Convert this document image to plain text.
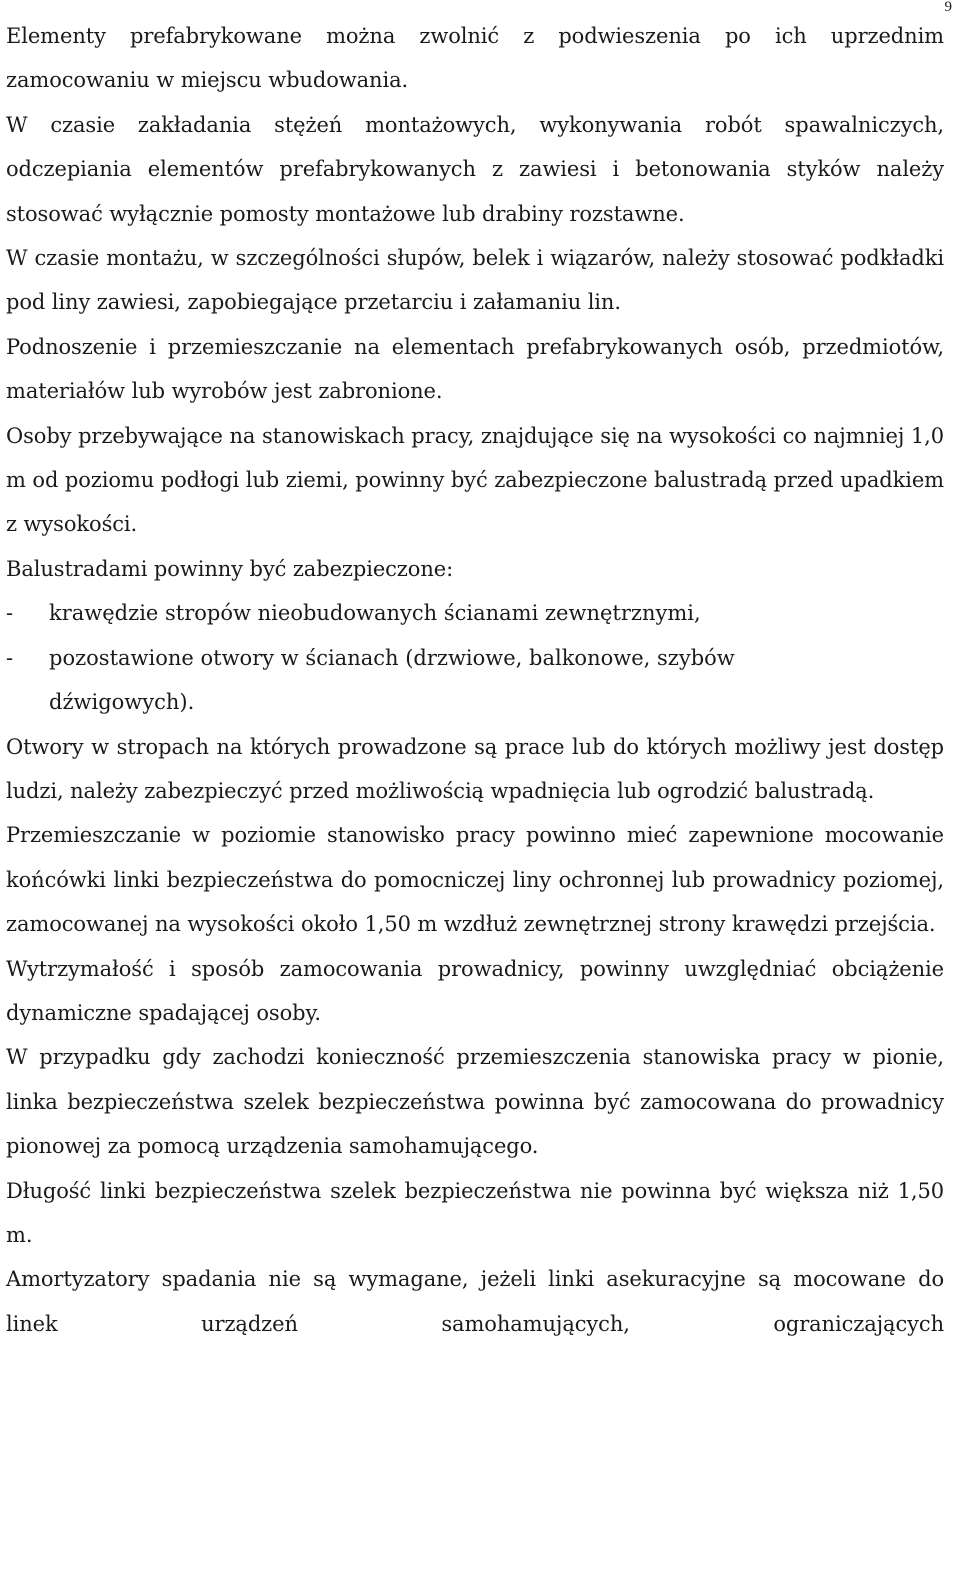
9

Elementy prefabrykowane można zwolnić z podwieszenia po ich uprzednim zamocowaniu w miejscu wbudowania.

W czasie zakładania stężeń montażowych, wykonywania robót spawalniczych, odczepiania elementów prefabrykowanych z zawiesi i betonowania styków należy stosować wyłącznie pomosty montażowe lub drabiny rozstawne.

W czasie montażu, w szczególności słupów, belek i wiązarów, należy stosować podkładki pod liny zawiesi, zapobiegające przetarciu i załamaniu lin.

Podnoszenie i przemieszczanie na elementach prefabrykowanych osób, przedmiotów, materiałów lub wyrobów jest zabronione.

Osoby przebywające na stanowiskach pracy, znajdujące się na wysokości co najmniej 1,0 m od poziomu podłogi lub ziemi, powinny być zabezpieczone balustradą przed upadkiem z wysokości.

Balustradami powinny być zabezpieczone:

-	krawędzie stropów nieobudowanych ścianami zewnętrznymi,
-	pozostawione otwory w ścianach (drzwiowe, balkonowe, szybów dźwigowych).

Otwory w stropach na których prowadzone są prace lub do których możliwy jest dostęp ludzi, należy zabezpieczyć przed możliwością wpadnięcia lub ogrodzić balustradą.

Przemieszczanie w poziomie stanowisko pracy powinno mieć zapewnione mocowanie końcówki linki bezpieczeństwa do pomocniczej liny ochronnej lub prowadnicy poziomej, zamocowanej na wysokości około 1,50 m wzdłuż zewnętrznej strony krawędzi przejścia.

Wytrzymałość i sposób zamocowania prowadnicy, powinny uwzględniać obciążenie dynamiczne spadającej osoby.

W przypadku gdy zachodzi konieczność przemieszczenia stanowiska pracy w pionie, linka bezpieczeństwa szelek bezpieczeństwa powinna być zamocowana do prowadnicy pionowej za pomocą urządzenia samohamującego.

Długość linki bezpieczeństwa szelek bezpieczeństwa nie powinna być większa niż 1,50 m.

Amortyzatory spadania nie są wymagane, jeżeli linki asekuracyjne są mocowane do linek urządzeń samohamujących, ograniczających
